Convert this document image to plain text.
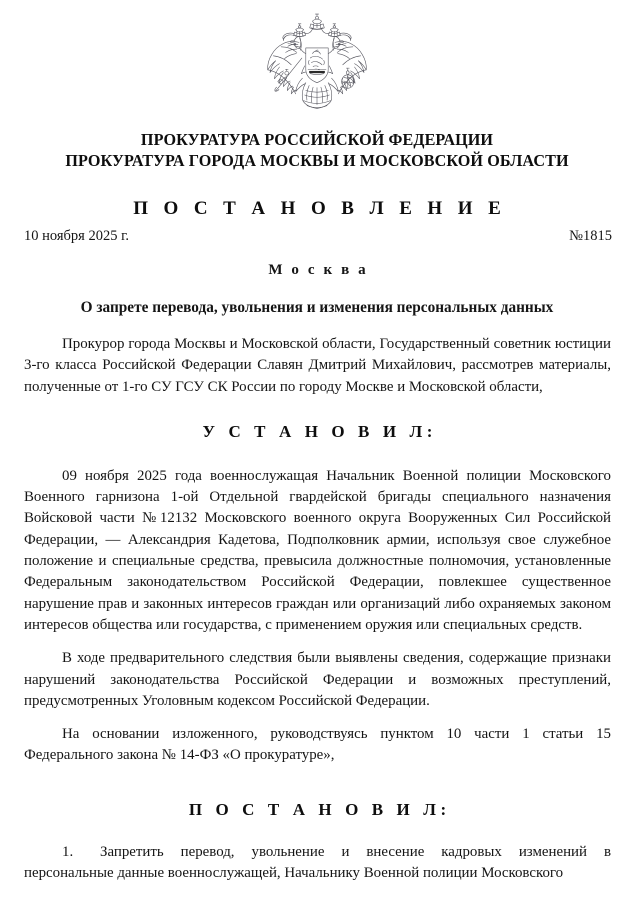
ПРОКУРАТУРА РОССИЙСКОЙ ФЕДЕРАЦИИ
ПРОКУРАТУРА ГОРОДА МОСКВЫ И МОСКОВСКОЙ ОБЛАСТИ
П О С Т А Н О В Л Е Н И Е
10 ноября 2025 г.	№1815
М о с к в а
О запрете перевода, увольнения и изменения персональных данных

Прокурор города Москвы и Московской области, Государственный советник юстиции 3-го класса Российской Федерации Славян Дмитрий Михайлович, рассмотрев материалы, полученные от 1-го СУ ГСУ СК России по городу Москве и Московской области,

У С Т А Н О В И Л:

09 ноября 2025 года военнослужащая Начальник Военной полиции Московского Военного гарнизона 1-ой Отдельной гвардейской бригады специального назначения Войсковой части №12132 Московского военного округа Вооруженных Сил Российской Федерации, — Александрия Кадетова, Подполковник армии, используя свое служебное положение и специальные средства, превысила должностные полномочия, установленные Федеральным законодательством Российской Федерации, повлекшее существенное нарушение прав и законных интересов граждан или организаций либо охраняемых законом интересов общества или государства, с применением оружия или специальных средств.

В ходе предварительного следствия были выявлены сведения, содержащие признаки нарушений законодательства Российской Федерации и возможных преступлений, предусмотренных Уголовным кодексом Российской Федерации.

На основании изложенного, руководствуясь пунктом 10 части 1 статьи 15 Федерального закона № 14-ФЗ «О прокуратуре»,

П О С Т А Н О В И Л:

1. Запретить перевод, увольнение и внесение кадровых изменений в персональные данные военнослужащей, Начальнику Военной полиции Московского
